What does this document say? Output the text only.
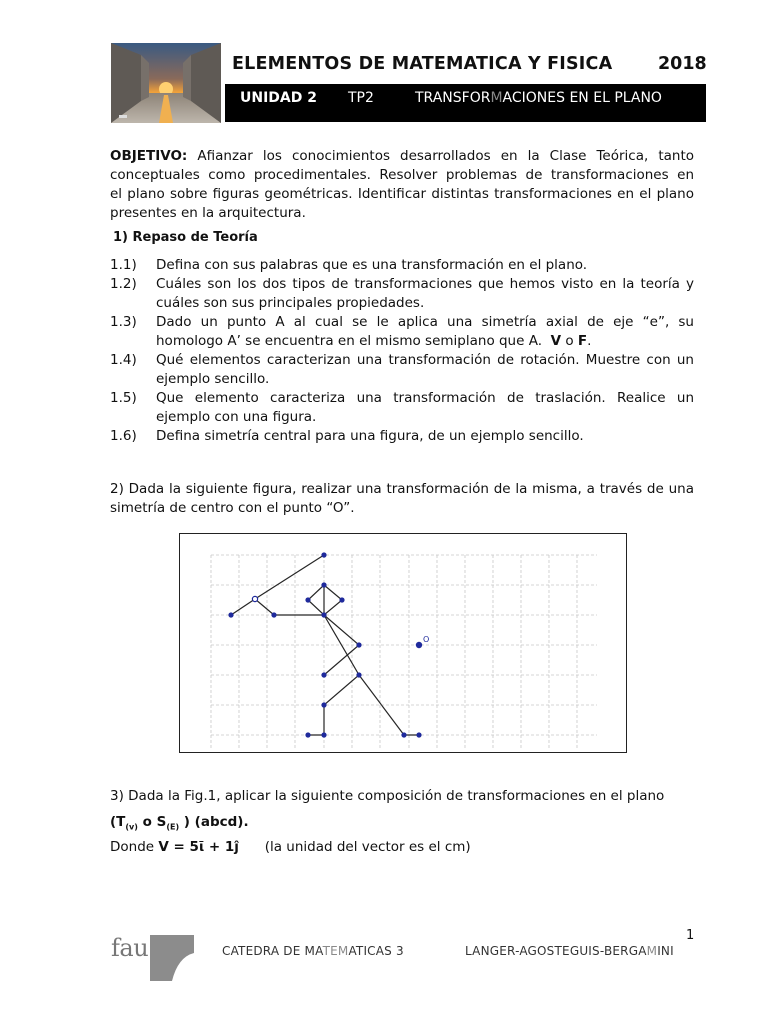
ELEMENTOS DE MATEMATICA Y FISICA	2018
UNIDAD 2 TP2	TRANSFORMACIONES EN EL PLANO
OBJETIVO: Afianzar los conocimientos desarrollados en la Clase Teórica, tanto
conceptuales como procedimentales. Resolver problemas de transformaciones en
el plano sobre figuras geométricas. Identificar distintas transformaciones en el plano
presentes en la arquitectura.
1) Repaso de Teoría
1.1) Defina con sus palabras que es una transformación en el plano.
1.2) Cuáles son los dos tipos de transformaciones que hemos visto en la teoría y
cuáles son sus principales propiedades.
1.3) Dado un punto A al cual se le aplica una simetría axial de eje “e”, su
homologo A’ se encuentra en el mismo semiplano que A. V o F.
1.4) Qué elementos caracterizan una transformación de rotación. Muestre con un
ejemplo sencillo.
1.5) Que elemento caracteriza una transformación de traslación. Realice un
ejemplo con una figura.
1.6) Defina simetría central para una figura, de un ejemplo sencillo.
2) Dada la siguiente figura, realizar una transformación de la misma, a través de una
simetría de centro con el punto “O”.
O
3) Dada la Fig.1, aplicar la siguiente composición de transformaciones en el plano
($T_{(v)}$ o $S_{(E)}$ ) (abcd).
Donde V = 5ῖ + 1ĵ (la unidad del vector es el cm)
1
fau	CATEDRA DE MATEMATICAS 3	LANGER-AGOSTEGUIS-BERGAMINI
